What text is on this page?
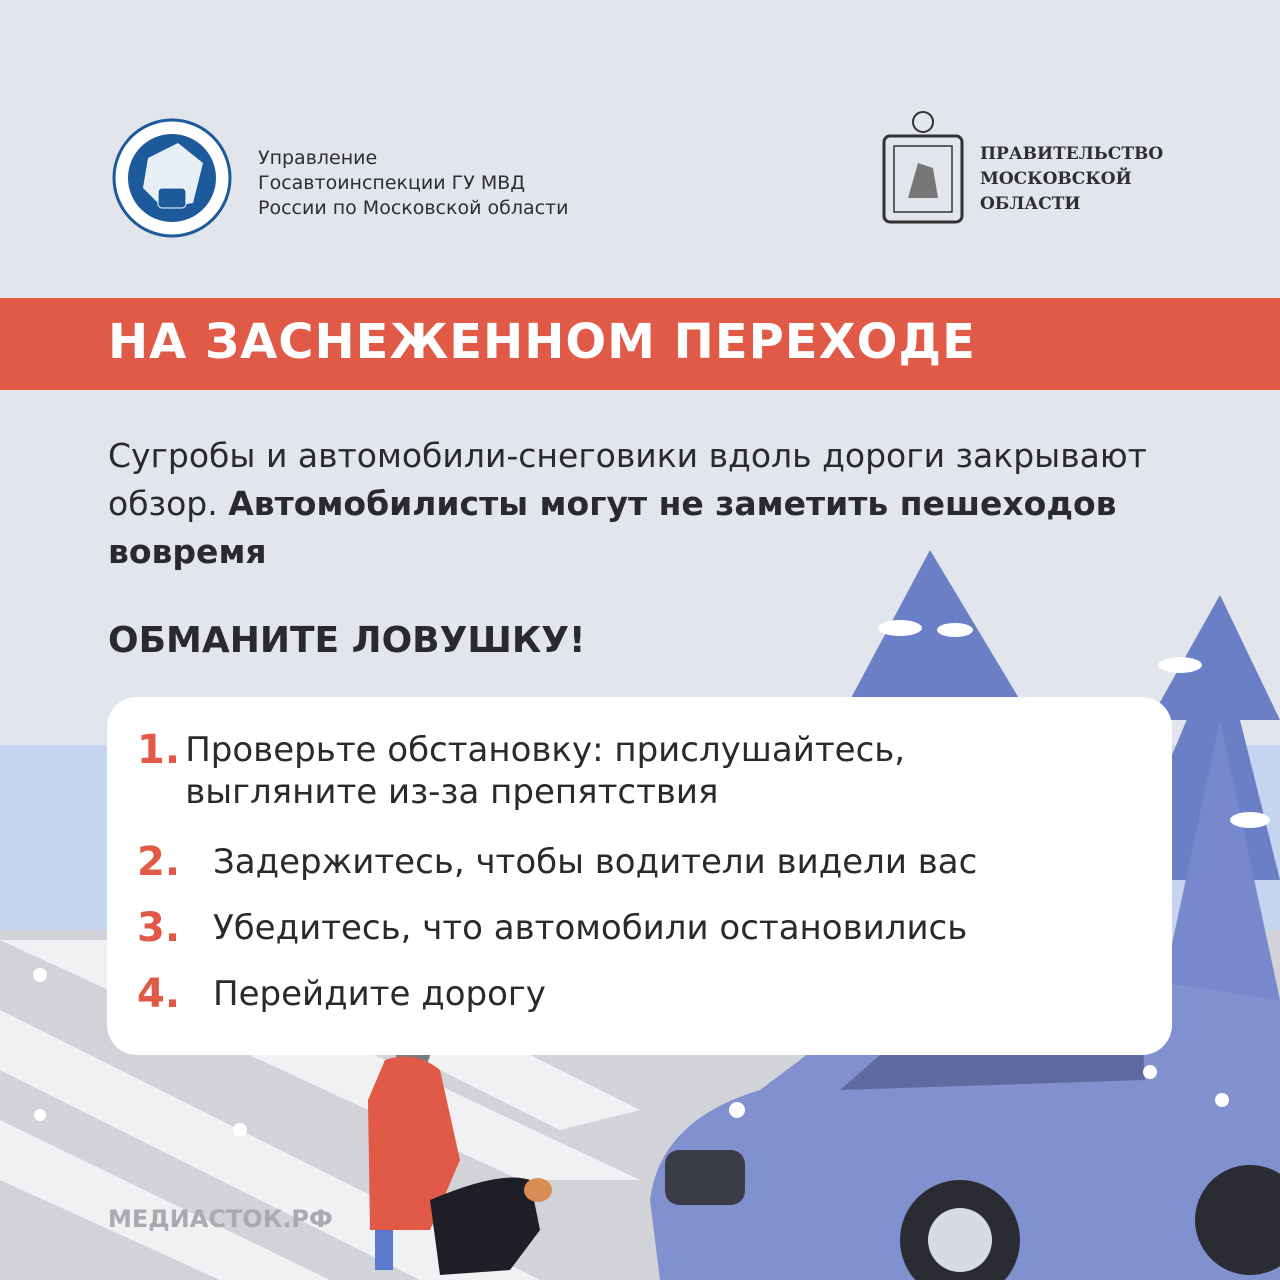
Управление
Госавтоинспекции ГУ МВД
России по Московской области
ПРАВИТЕЛЬСТВО
МОСКОВСКОЙ
ОБЛАСТИ
НА ЗАСНЕЖЕННОМ ПЕРЕХОДЕ
Сугробы и автомобили-снеговики вдоль дороги закрывают обзор. Автомобилисты могут не заметить пешеходов вовремя
ОБМАНИТЕ ЛОВУШКУ!
1. Проверьте обстановку: прислушайтесь, выгляните из-за препятствия
2. Задержитесь, чтобы водители видели вас
3. Убедитесь, что автомобили остановились
4. Перейдите дорогу
МЕДИАСТОК.РФ
